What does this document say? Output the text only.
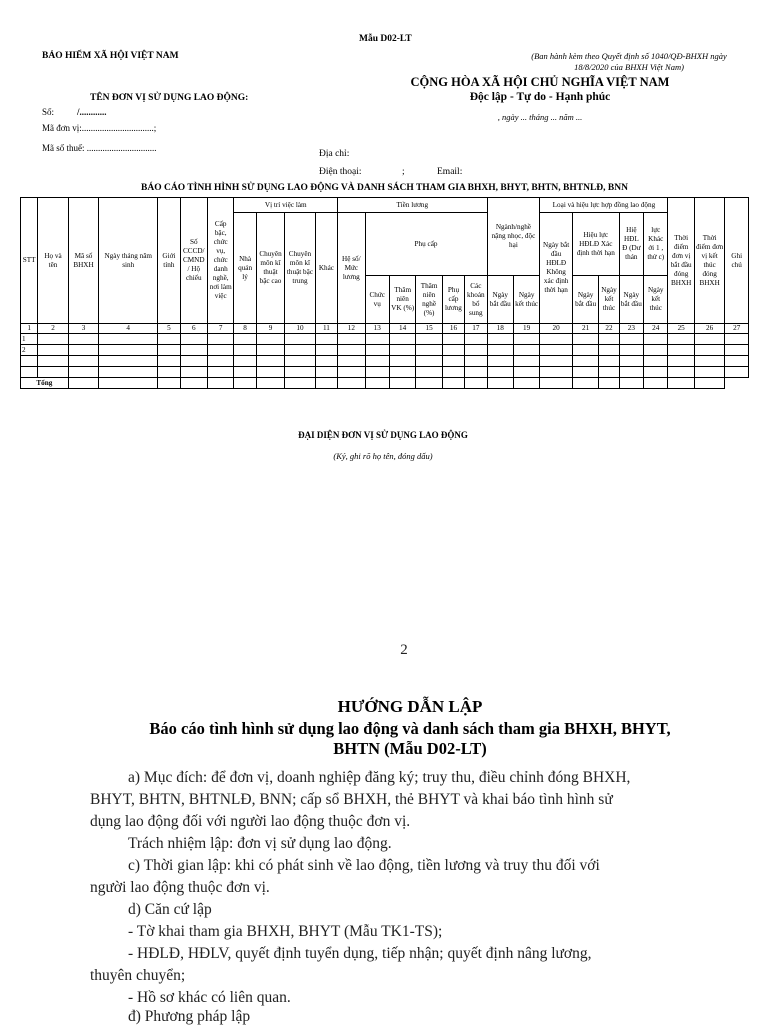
Mẫu D02-LT
BẢO HIỂM XÃ HỘI VIỆT NAM	(Ban hành kèm theo Quyết định số 1040/QĐ-BHXH ngày 18/8/2020 của BHXH Việt Nam)
CỘNG HÒA XÃ HỘI CHỦ NGHĨA VIỆT NAM
Độc lập - Tự do - Hạnh phúc
, ngày ... tháng ... năm ...
TÊN ĐƠN VỊ SỬ DỤNG LAO ĐỘNG:
Số:	/............
Mã đơn vị:................................;
Mã số thuế: ...............................
Địa chỉ:
Điện thoại:	;	Email:
BÁO CÁO TÌNH HÌNH SỬ DỤNG LAO ĐỘNG VÀ DANH SÁCH THAM GIA BHXH, BHYT, BHTN, BHTNLĐ, BNN
STT	Họ và tên	Mã số BHXH	Ngày tháng năm sinh	Giới tính	Số CCCD/ CMND / Hộ chiếu	Cấp bậc, chức vụ, chức danh nghề, nơi làm việc	Vị trí việc làm				Tiền lương						Ngành/nghề nặng nhọc, độc hại		Loại và hiệu lực hợp đồng lao động					Thời điểm đơn vị bắt đầu đóng BHXH	Thời điểm đơn vị kết thúc đóng BHXH	Ghi chú
							Nhà quản lý	Chuyên môn kĩ thuật bậc cao	Chuyên môn kĩ thuật bậc trung	Khác	Hệ số/ Mức lương	Phụ cấp							Ngày bắt đầu HĐLĐ Không xác định thời hạn	Hiệu lực HĐLĐ Xác định thời hạn		Hiệ HĐL Đ (Dư thán	lực Khác ới 1 , thử c)			
												Chức vụ	Thâm niên VK (%)	Thâm niên nghề (%)	Phụ cấp lương	Các khoản bổ sung	Ngày bắt đầu	Ngày kết thúc		Ngày bắt đầu	Ngày kết thúc	Ngày bắt đầu	Ngày kết thúc			
1	2	3	4	5	6	7	8	9	10	11	12	13	14	15	16	17	18	19	20	21	22	23	24	25	26	27
1																										
2																										

Tổng																										
ĐẠI DIỆN ĐƠN VỊ SỬ DỤNG LAO ĐỘNG
(Ký, ghi rõ họ tên, đóng dấu)
2
HƯỚNG DẪN LẬP
Báo cáo tình hình sử dụng lao động và danh sách tham gia BHXH, BHYT,
BHTN (Mẫu D02-LT)
a) Mục đích: để đơn vị, doanh nghiệp đăng ký; truy thu, điều chỉnh đóng BHXH,
BHYT, BHTN, BHTNLĐ, BNN; cấp sổ BHXH, thẻ BHYT và khai báo tình hình sử
dụng lao động đối với người lao động thuộc đơn vị.
Trách nhiệm lập: đơn vị sử dụng lao động.
c) Thời gian lập: khi có phát sinh về lao động, tiền lương và truy thu đối với
người lao động thuộc đơn vị.
d) Căn cứ lập
- Tờ khai tham gia BHXH, BHYT (Mẫu TK1-TS);
- HĐLĐ, HĐLV, quyết định tuyển dụng, tiếp nhận; quyết định nâng lương,
thuyên chuyển;
- Hồ sơ khác có liên quan.
đ) Phương pháp lập
